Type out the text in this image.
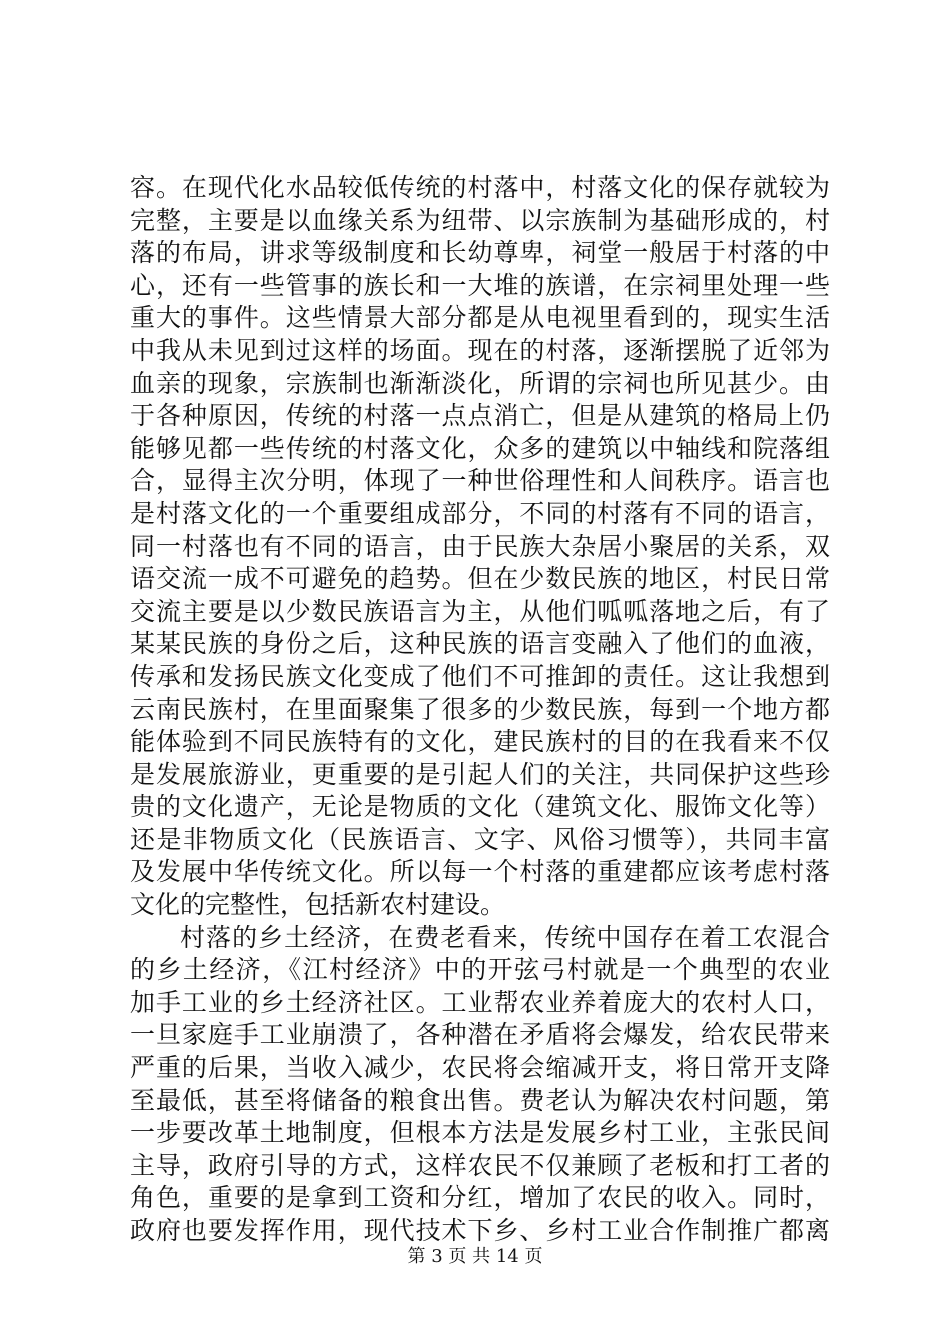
容。在现代化水品较低传统的村落中，村落文化的保存就较为
完整，主要是以血缘关系为纽带、以宗族制为基础形成的，村
落的布局，讲求等级制度和长幼尊卑，祠堂一般居于村落的中
心，还有一些管事的族长和一大堆的族谱，在宗祠里处理一些
重大的事件。这些情景大部分都是从电视里看到的，现实生活
中我从未见到过这样的场面。现在的村落，逐渐摆脱了近邻为
血亲的现象，宗族制也渐渐淡化，所谓的宗祠也所见甚少。由
于各种原因，传统的村落一点点消亡，但是从建筑的格局上仍
能够见都一些传统的村落文化，众多的建筑以中轴线和院落组
合，显得主次分明，体现了一种世俗理性和人间秩序。语言也
是村落文化的一个重要组成部分，不同的村落有不同的语言，
同一村落也有不同的语言，由于民族大杂居小聚居的关系，双
语交流一成不可避免的趋势。但在少数民族的地区，村民日常
交流主要是以少数民族语言为主，从他们呱呱落地之后，有了
某某民族的身份之后，这种民族的语言变融入了他们的血液，
传承和发扬民族文化变成了他们不可推卸的责任。这让我想到
云南民族村，在里面聚集了很多的少数民族，每到一个地方都
能体验到不同民族特有的文化，建民族村的目的在我看来不仅
是发展旅游业，更重要的是引起人们的关注，共同保护这些珍
贵的文化遗产，无论是物质的文化（建筑文化、服饰文化等）
还是非物质文化（民族语言、文字、风俗习惯等），共同丰富
及发展中华传统文化。所以每一个村落的重建都应该考虑村落
文化的完整性，包括新农村建设。
村落的乡土经济，在费老看来，传统中国存在着工农混合
的乡土经济，《江村经济》中的开弦弓村就是一个典型的农业
加手工业的乡土经济社区。工业帮农业养着庞大的农村人口，
一旦家庭手工业崩溃了，各种潜在矛盾将会爆发，给农民带来
严重的后果，当收入减少，农民将会缩减开支，将日常开支降
至最低，甚至将储备的粮食出售。费老认为解决农村问题，第
一步要改革土地制度，但根本方法是发展乡村工业，主张民间
主导，政府引导的方式，这样农民不仅兼顾了老板和打工者的
角色，重要的是拿到工资和分红，增加了农民的收入。同时，
政府也要发挥作用，现代技术下乡、乡村工业合作制推广都离
第 3 页 共 14 页
